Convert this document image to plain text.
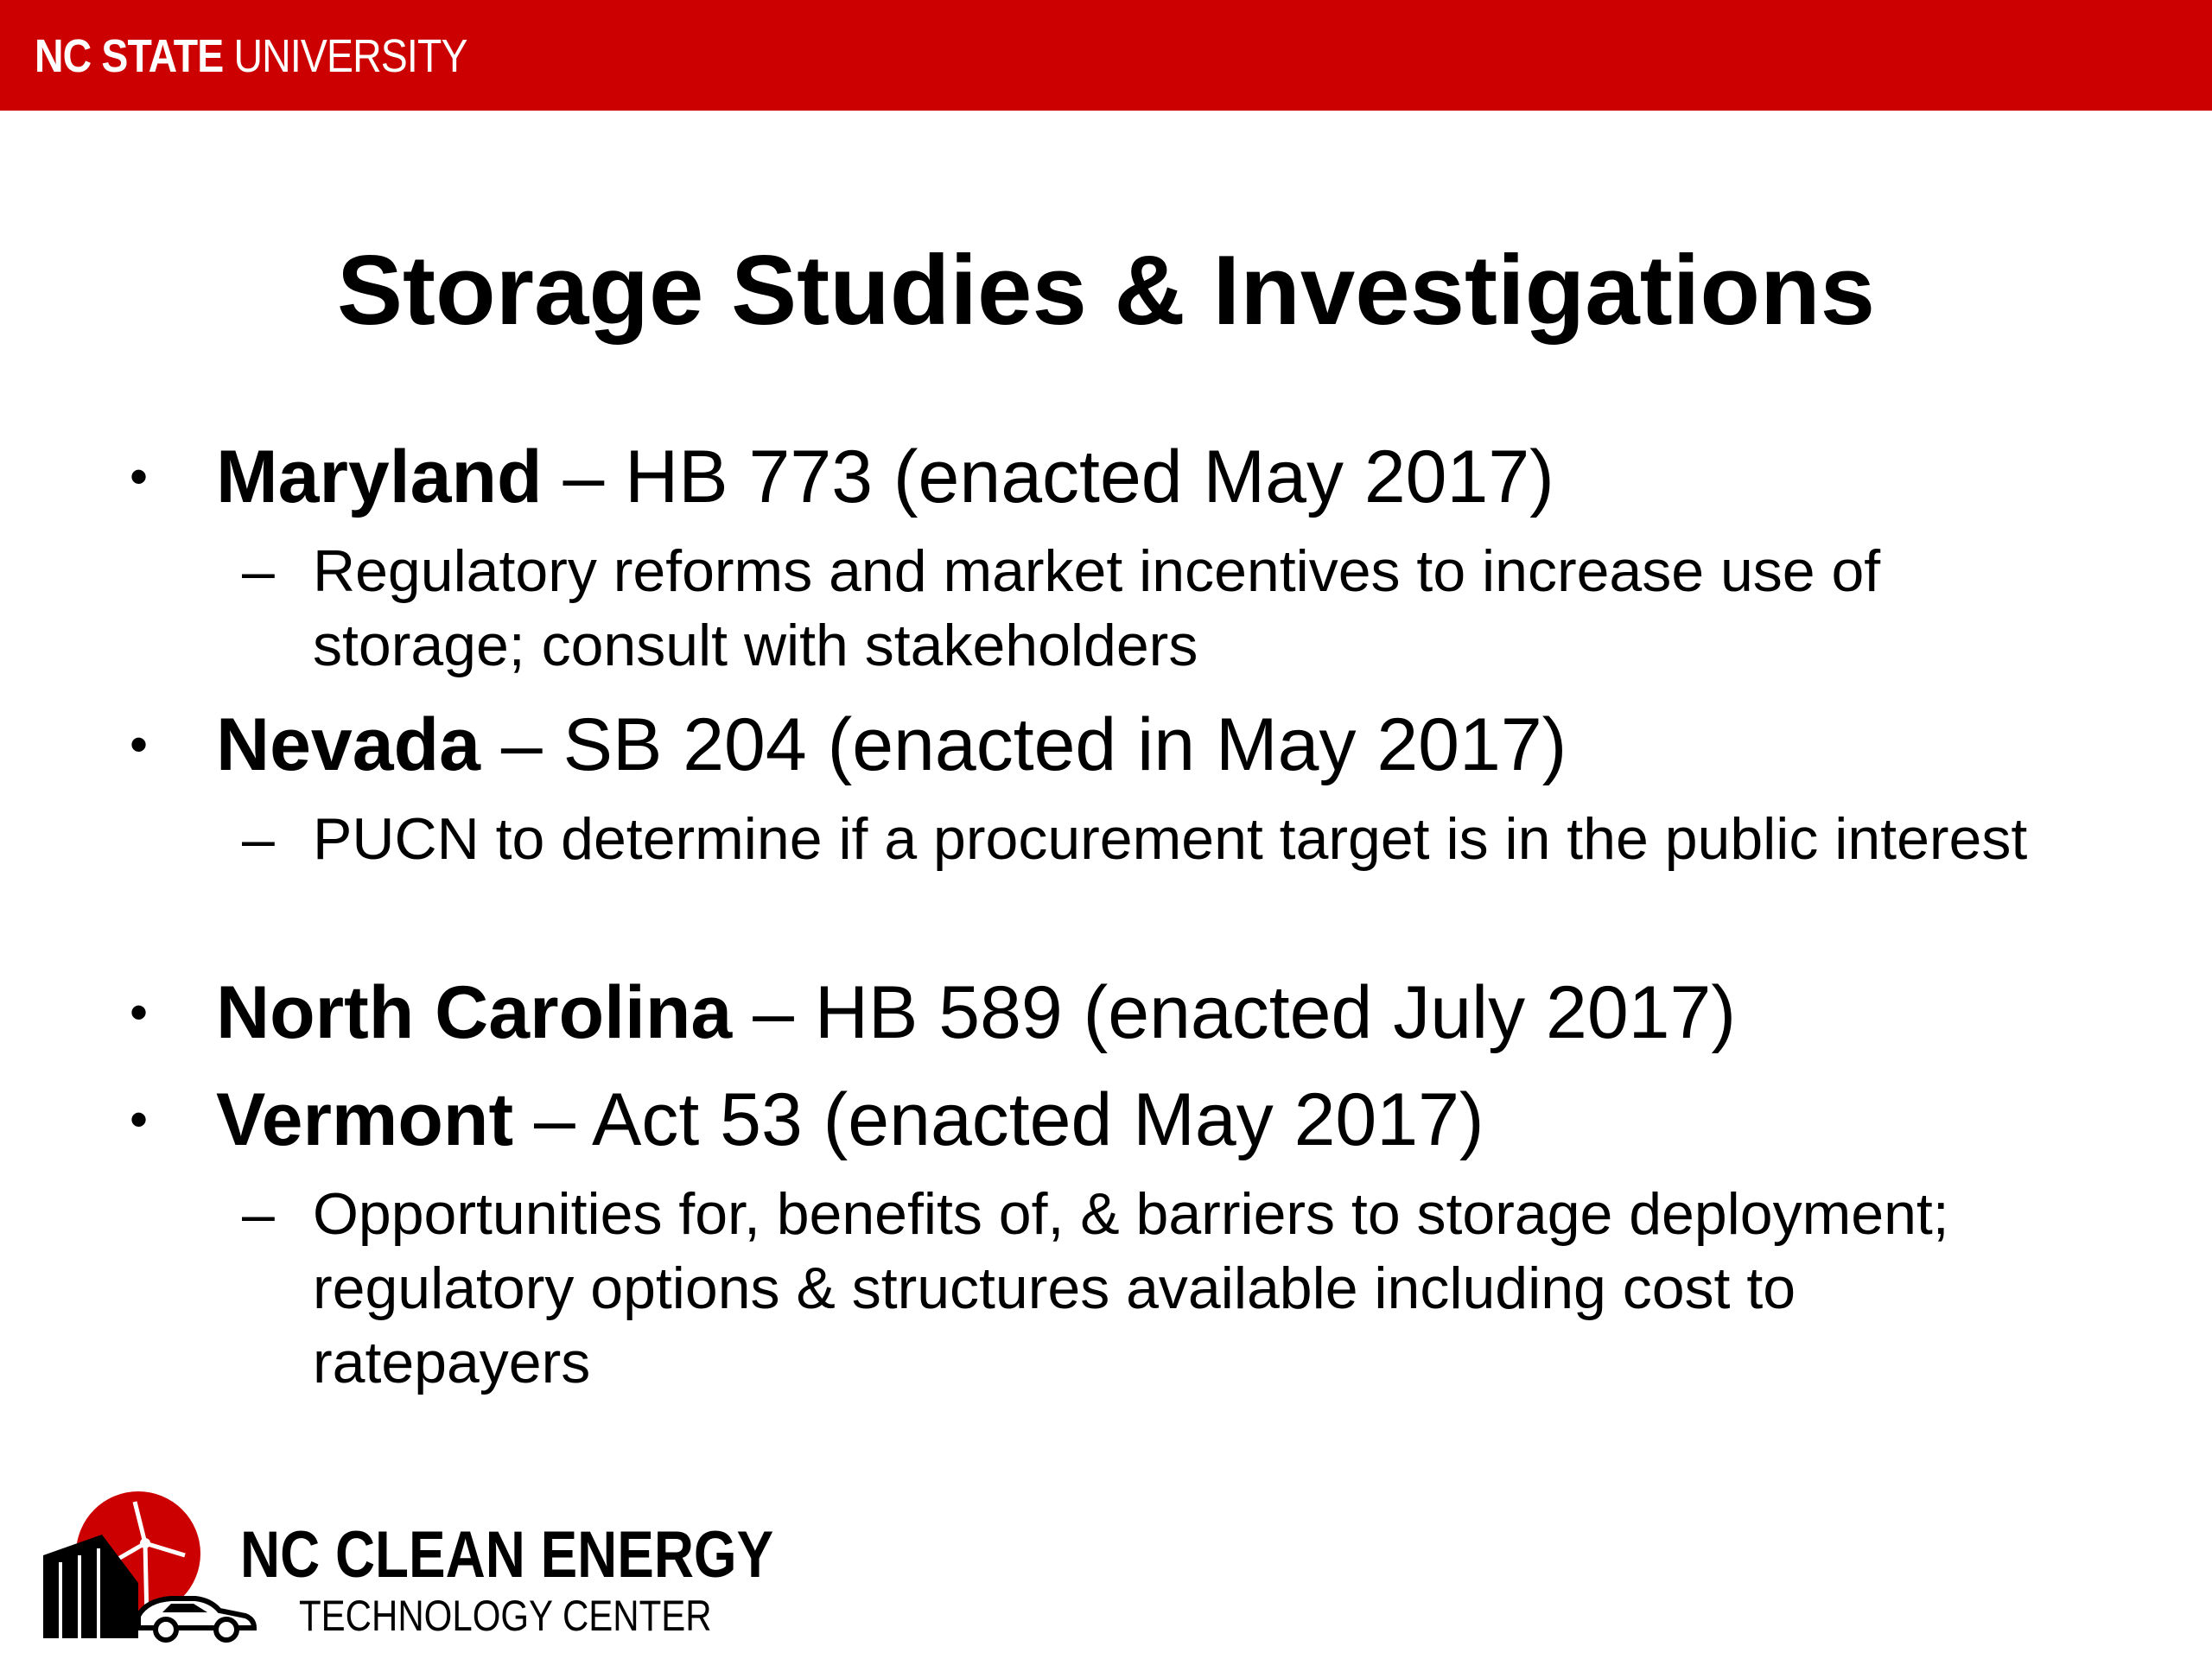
NC STATE UNIVERSITY
Storage Studies & Investigations
• Maryland – HB 773 (enacted May 2017)
– Regulatory reforms and market incentives to increase use of storage; consult with stakeholders
• Nevada – SB 204 (enacted in May 2017)
– PUCN to determine if a procurement target is in the public interest
• North Carolina – HB 589 (enacted July 2017)
• Vermont – Act 53 (enacted May 2017)
– Opportunities for, benefits of, & barriers to storage deployment; regulatory options & structures available including cost to ratepayers
NC CLEAN ENERGY
TECHNOLOGY CENTER
